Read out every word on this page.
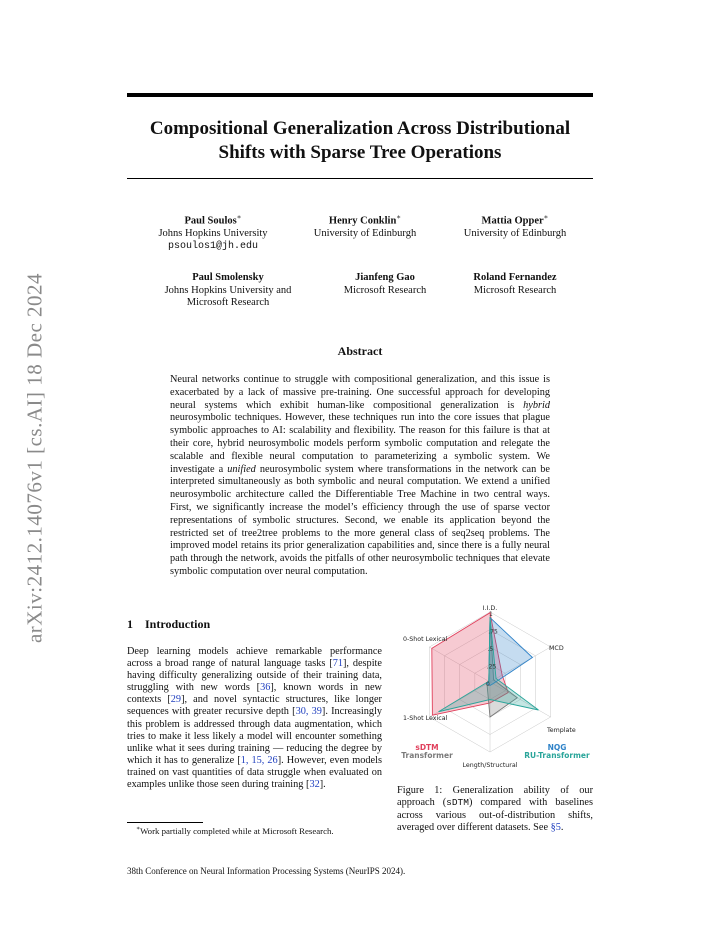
arXiv:2412.14076v1 [cs.AI] 18 Dec 2024
Compositional Generalization Across Distributional Shifts with Sparse Tree Operations
Paul Soulos∗
Johns Hopkins University
psoulos1@jh.edu
Henry Conklin∗
University of Edinburgh
Mattia Opper∗
University of Edinburgh
Paul Smolensky
Johns Hopkins University and
Microsoft Research
Jianfeng Gao
Microsoft Research
Roland Fernandez
Microsoft Research
Abstract
Neural networks continue to struggle with compositional generalization, and this issue is exacerbated by a lack of massive pre-training. One successful approach for developing neural systems which exhibit human-like compositional generalization is hybrid neurosymbolic techniques. However, these techniques run into the core issues that plague symbolic approaches to AI: scalability and flexibility. The reason for this failure is that at their core, hybrid neurosymbolic models perform symbolic computation and relegate the scalable and flexible neural computation to parameterizing a symbolic system. We investigate a unified neurosymbolic system where transformations in the network can be interpreted simultaneously as both symbolic and neural computation. We extend a unified neurosymbolic architecture called the Differentiable Tree Machine in two central ways. First, we significantly increase the model’s efficiency through the use of sparse vector representations of symbolic structures. Second, we enable its application beyond the restricted set of tree2tree problems to the more general class of seq2seq problems. The improved model retains its prior generalization capabilities and, since there is a fully neural path through the network, avoids the pitfalls of other neurosymbolic techniques that elevate symbolic computation over neural computation.
1 Introduction
Deep learning models achieve remarkable performance across a broad range of natural language tasks [71], despite having difficulty generalizing outside of their training data, struggling with new words [36], known words in new contexts [29], and novel syntactic structures, like longer sequences with greater recursive depth [30, 39]. Increasingly this problem is addressed through data augmentation, which tries to make it less likely a model will encounter something unlike what it sees during training — reducing the degree by which it has to generalize [1, 15, 26]. However, even models trained on vast quantities of data struggle when evaluated on examples unlike those seen during training [32].
∗Work partially completed while at Microsoft Research.
1
.75
.5
.25
0
I.I.D.
MCD
Template
Length/Structural
1-Shot Lexical
0-Shot Lexical
sDTM
Transformer
NQG
RU-Transformer
Figure 1: Generalization ability of our approach (sDTM) compared with baselines across various out-of-distribution shifts, averaged over different datasets. See §5.
38th Conference on Neural Information Processing Systems (NeurIPS 2024).
